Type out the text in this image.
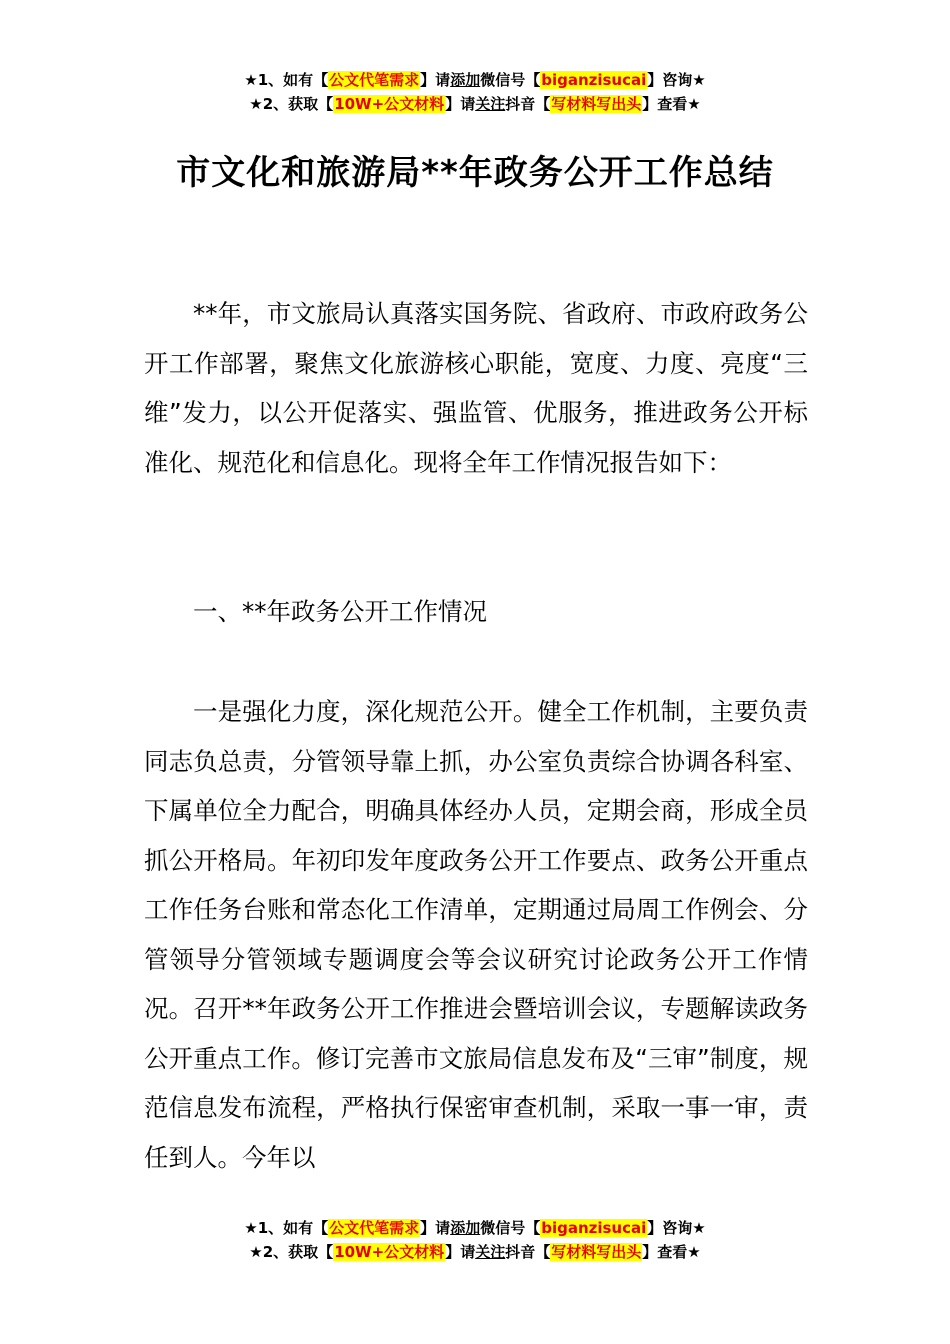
★1、如有【公文代笔需求】请添加微信号【biganzisucai】咨询★
★2、获取【10W+公文材料】请关注抖音【写材料写出头】查看★
市文化和旅游局**年政务公开工作总结
**年，市文旅局认真落实国务院、省政府、市政府政务公开工作部署，聚焦文化旅游核心职能，宽度、力度、亮度“三维”发力，以公开促落实、强监管、优服务，推进政务公开标准化、规范化和信息化。现将全年工作情况报告如下：
一、**年政务公开工作情况
一是强化力度，深化规范公开。健全工作机制，主要负责同志负总责，分管领导靠上抓，办公室负责综合协调各科室、下属单位全力配合，明确具体经办人员，定期会商，形成全员抓公开格局。年初印发年度政务公开工作要点、政务公开重点工作任务台账和常态化工作清单，定期通过局周工作例会、分管领导分管领域专题调度会等会议研究讨论政务公开工作情况。召开**年政务公开工作推进会暨培训会议，专题解读政务公开重点工作。修订完善市文旅局信息发布及“三审”制度，规范信息发布流程，严格执行保密审查机制，采取一事一审，责任到人。今年以
★1、如有【公文代笔需求】请添加微信号【biganzisucai】咨询★
★2、获取【10W+公文材料】请关注抖音【写材料写出头】查看★
